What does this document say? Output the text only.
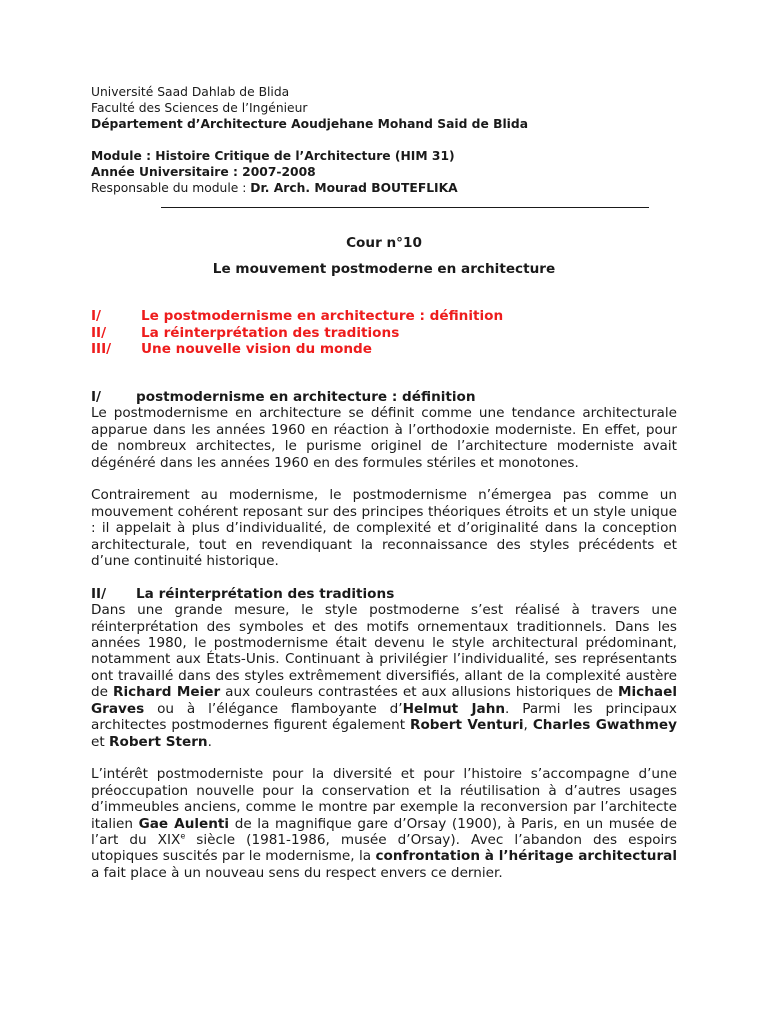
Université Saad Dahlab de Blida
Faculté des Sciences de l’Ingénieur
Département d’Architecture Aoudjehane Mohand Said de Blida
Module : Histoire Critique de l’Architecture (HIM 31)
Année Universitaire : 2007-2008
Responsable du module : Dr. Arch. Mourad BOUTEFLIKA
Cour n°10
Le mouvement postmoderne en architecture
I/	Le postmodernisme en architecture : définition
II/	La réinterprétation des traditions
III/ Une nouvelle vision du monde
I/	postmodernisme en architecture : définition

Le postmodernisme en architecture se définit comme une tendance architecturale apparue dans les années 1960 en réaction à l’orthodoxie moderniste. En effet, pour de nombreux architectes, le purisme originel de l’architecture moderniste avait dégénéré dans les années 1960 en des formules stériles et monotones.

Contrairement au modernisme, le postmodernisme n’émergea pas comme un mouvement cohérent reposant sur des principes théoriques étroits et un style unique : il appelait à plus d’individualité, de complexité et d’originalité dans la conception architecturale, tout en revendiquant la reconnaissance des styles précédents et d’une continuité historique.

II/ La réinterprétation des traditions

Dans une grande mesure, le style postmoderne s’est réalisé à travers une réinterprétation des symboles et des motifs ornementaux traditionnels. Dans les années 1980, le postmodernisme était devenu le style architectural prédominant, notamment aux États-Unis. Continuant à privilégier l’individualité, ses représentants ont travaillé dans des styles extrêmement diversifiés, allant de la complexité austère de Richard Meier aux couleurs contrastées et aux allusions historiques de Michael Graves ou à l’élégance flamboyante d’Helmut Jahn. Parmi les principaux architectes postmodernes figurent également Robert Venturi, Charles Gwathmey et Robert Stern.

L’intérêt postmoderniste pour la diversité et pour l’histoire s’accompagne d’une préoccupation nouvelle pour la conservation et la réutilisation à d’autres usages d’immeubles anciens, comme le montre par exemple la reconversion par l’architecte italien Gae Aulenti de la magnifique gare d’Orsay (1900), à Paris, en un musée de l’art du XIXe siècle (1981-1986, musée d’Orsay). Avec l’abandon des espoirs utopiques suscités par le modernisme, la confrontation à l’héritage architectural a fait place à un nouveau sens du respect envers ce dernier.
